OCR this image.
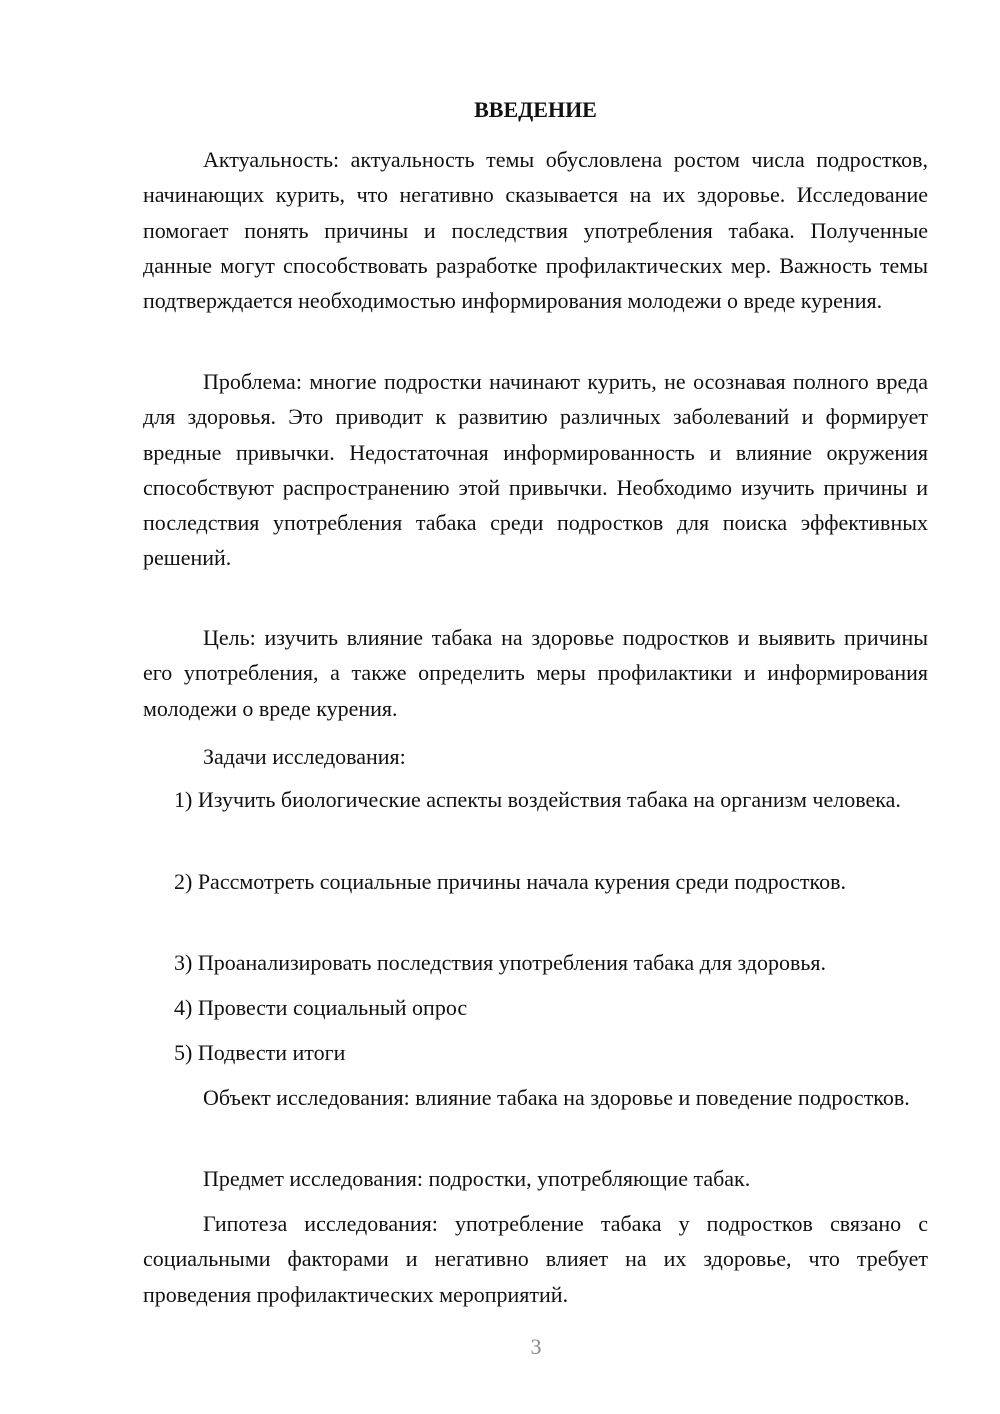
ВВЕДЕНИЕ

Актуальность: актуальность темы обусловлена ростом числа подростков, начинающих курить, что негативно сказывается на их здоровье. Исследование помогает понять причины и последствия употребления табака. Полученные данные могут способствовать разработке профилактических мер. Важность темы подтверждается необходимостью информирования молодежи о вреде курения.

Проблема: многие подростки начинают курить, не осознавая полного вреда для здоровья. Это приводит к развитию различных заболеваний и формирует вредные привычки. Недостаточная информированность и влияние окружения способствуют распространению этой привычки. Необходимо изучить причины и последствия употребления табака среди подростков для поиска эффективных решений.

Цель: изучить влияние табака на здоровье подростков и выявить причины его употребления, а также определить меры профилактики и информирования молодежи о вреде курения.

Задачи исследования:

1) Изучить биологические аспекты воздействия табака на организм человека.

2) Рассмотреть социальные причины начала курения среди подростков.

3) Проанализировать последствия употребления табака для здоровья.

4) Провести социальный опрос

5) Подвести итоги

Объект исследования: влияние табака на здоровье и поведение подростков.

Предмет исследования: подростки, употребляющие табак.

Гипотеза исследования: употребление табака у подростков связано с социальными факторами и негативно влияет на их здоровье, что требует проведения профилактических мероприятий.

3
